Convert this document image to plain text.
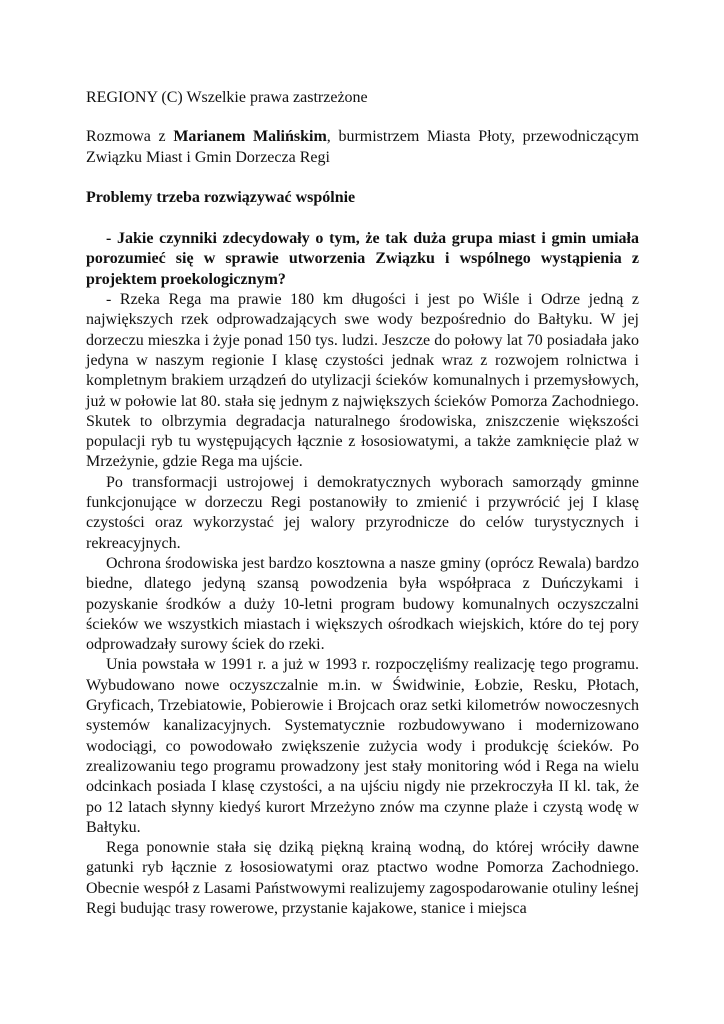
REGIONY (C) Wszelkie prawa zastrzeżone

Rozmowa z Marianem Malińskim, burmistrzem Miasta Płoty, przewodniczącym Związku Miast i Gmin Dorzecza Regi

Problemy trzeba rozwiązywać wspólnie

- Jakie czynniki zdecydowały o tym, że tak duża grupa miast i gmin umiała porozumieć się w sprawie utworzenia Związku i wspólnego wystąpienia z projektem proekologicznym?

- Rzeka Rega ma prawie 180 km długości i jest po Wiśle i Odrze jedną z największych rzek odprowadzających swe wody bezpośrednio do Bałtyku. W jej dorzeczu mieszka i żyje ponad 150 tys. ludzi. Jeszcze do połowy lat 70 posiadała jako jedyna w naszym regionie I klasę czystości jednak wraz z rozwojem rolnictwa i kompletnym brakiem urządzeń do utylizacji ścieków komunalnych i przemysłowych, już w połowie lat 80. stała się jednym z największych ścieków Pomorza Zachodniego. Skutek to olbrzymia degradacja naturalnego środowiska, zniszczenie większości populacji ryb tu występujących łącznie z łososiowatymi, a także zamknięcie plaż w Mrzeżynie, gdzie Rega ma ujście.

Po transformacji ustrojowej i demokratycznych wyborach samorządy gminne funkcjonujące w dorzeczu Regi postanowiły to zmienić i przywrócić jej I klasę czystości oraz wykorzystać jej walory przyrodnicze do celów turystycznych i rekreacyjnych.

Ochrona środowiska jest bardzo kosztowna a nasze gminy (oprócz Rewala) bardzo biedne, dlatego jedyną szansą powodzenia była współpraca z Duńczykami i pozyskanie środków a duży 10-letni program budowy komunalnych oczyszczalni ścieków we wszystkich miastach i większych ośrodkach wiejskich, które do tej pory odprowadzały surowy ściek do rzeki.

Unia powstała w 1991 r. a już w 1993 r. rozpoczęliśmy realizację tego programu. Wybudowano nowe oczyszczalnie m.in. w Świdwinie, Łobzie, Resku, Płotach, Gryficach, Trzebiatowie, Pobierowie i Brojcach oraz setki kilometrów nowoczesnych systemów kanalizacyjnych. Systematycznie rozbudowywano i modernizowano wodociągi, co powodowało zwiększenie zużycia wody i produkcję ścieków. Po zrealizowaniu tego programu prowadzony jest stały monitoring wód i Rega na wielu odcinkach posiada I klasę czystości, a na ujściu nigdy nie przekroczyła II kl. tak, że po 12 latach słynny kiedyś kurort Mrzeżyno znów ma czynne plaże i czystą wodę w Bałtyku.

Rega ponownie stała się dziką piękną krainą wodną, do której wróciły dawne gatunki ryb łącznie z łososiowatymi oraz ptactwo wodne Pomorza Zachodniego. Obecnie wespół z Lasami Państwowymi realizujemy zagospodarowanie otuliny leśnej Regi budując trasy rowerowe, przystanie kajakowe, stanice i miejsca
